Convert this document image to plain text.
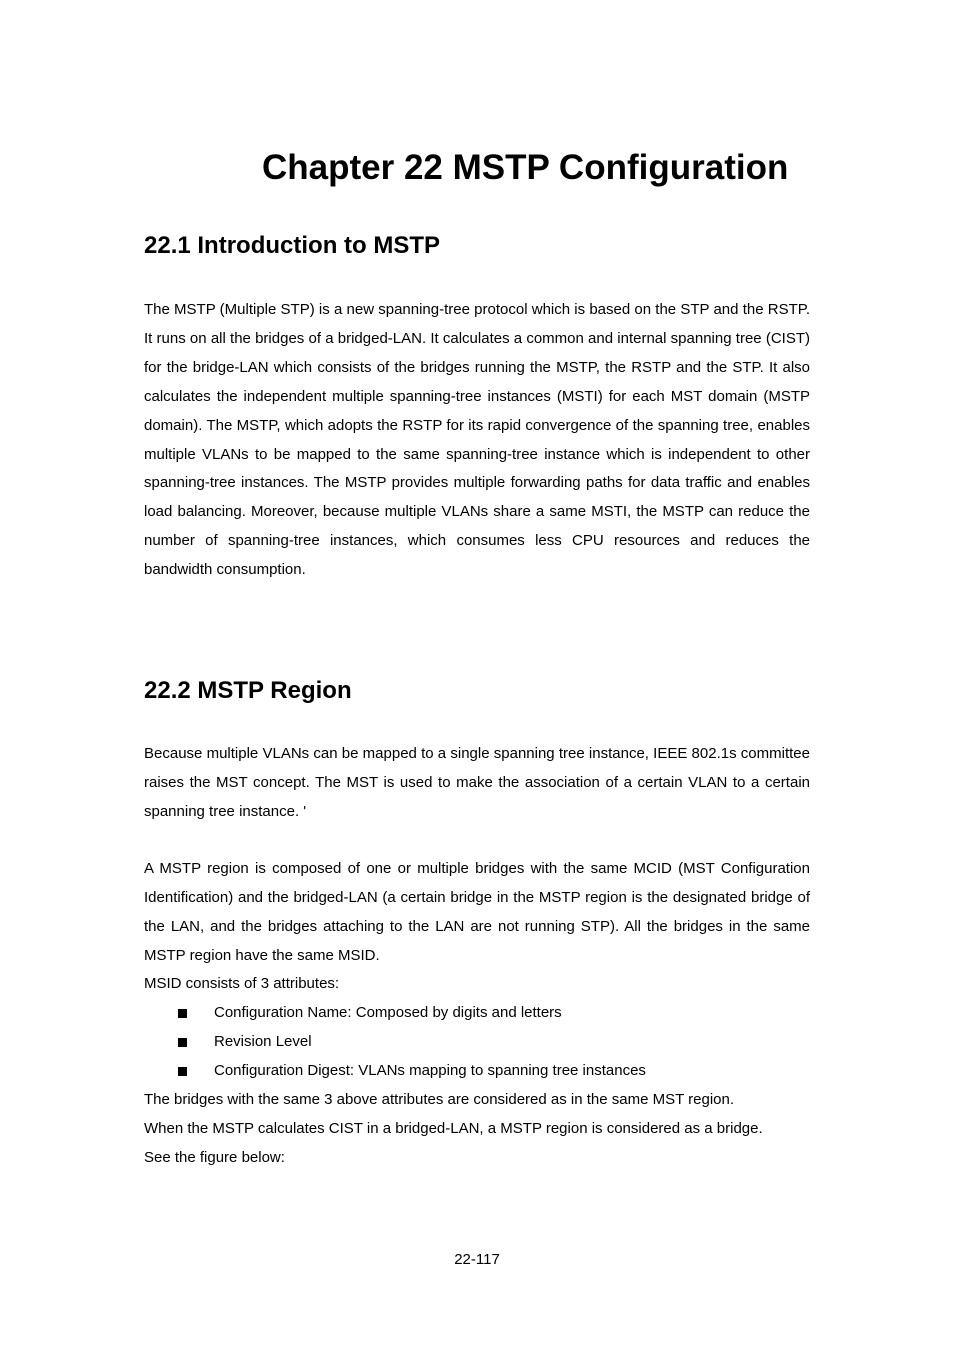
Chapter 22 MSTP Configuration
22.1 Introduction to MSTP

The MSTP (Multiple STP) is a new spanning-tree protocol which is based on the STP and the RSTP. It runs on all the bridges of a bridged-LAN. It calculates a common and internal spanning tree (CIST) for the bridge-LAN which consists of the bridges running the MSTP, the RSTP and the STP. It also calculates the independent multiple spanning-tree instances (MSTI) for each MST domain (MSTP domain). The MSTP, which adopts the RSTP for its rapid convergence of the spanning tree, enables multiple VLANs to be mapped to the same spanning-tree instance which is independent to other spanning-tree instances. The MSTP provides multiple forwarding paths for data traffic and enables load balancing. Moreover, because multiple VLANs share a same MSTI, the MSTP can reduce the number of spanning-tree instances, which consumes less CPU resources and reduces the bandwidth consumption.

22.2 MSTP Region

Because multiple VLANs can be mapped to a single spanning tree instance, IEEE 802.1s committee raises the MST concept. The MST is used to make the association of a certain VLAN to a certain spanning tree instance. '

A MSTP region is composed of one or multiple bridges with the same MCID (MST Configuration Identification) and the bridged-LAN (a certain bridge in the MSTP region is the designated bridge of the LAN, and the bridges attaching to the LAN are not running STP). All the bridges in the same MSTP region have the same MSID.

MSID consists of 3 attributes:

Configuration Name: Composed by digits and letters
Revision Level
Configuration Digest: VLANs mapping to spanning tree instances

The bridges with the same 3 above attributes are considered as in the same MST region.

When the MSTP calculates CIST in a bridged-LAN, a MSTP region is considered as a bridge.

See the figure below:

22-117
